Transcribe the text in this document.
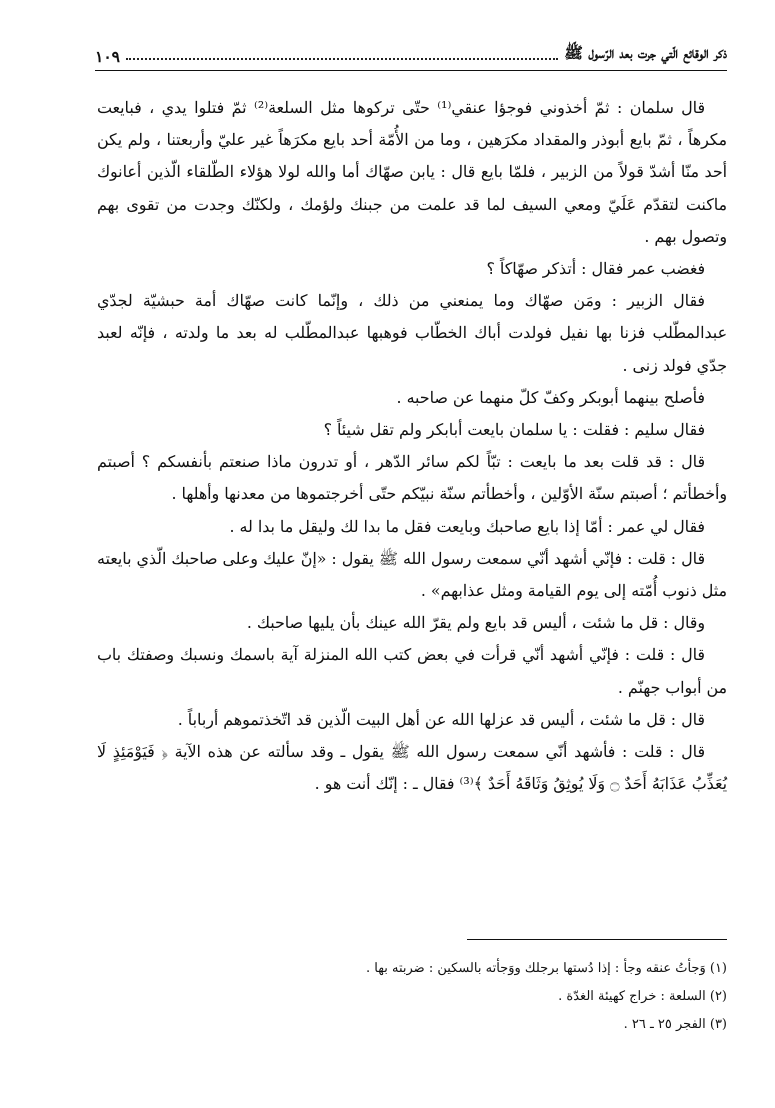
ذكر الوقائع الّتي جرت بعد الرّسول ﷺ
١٠٩

قال سلمان : ثمّ أخذوني فوجؤا عنقي⁽¹⁾ حتّى تركوها مثل السلعة⁽²⁾ ثمّ فتلوا يدي ، فبايعت مكرهاً ، ثمّ بايع أبوذر والمقداد مكرَهين ، وما من الأُمّة أحد بايع مكرَهاً غير عليّ وأربعتنا ، ولم يكن أحد منّا أشدّ قولاً من الزبير ، فلمّا بايع قال : يابن صهّاك أما والله لولا هؤلاء الطّلقاء الّذين أعانوك ماكنت لتقدّم عَلَيّ ومعي السيف لما قد علمت من جبنك ولؤمك ، ولكنّك وجدت من تقوى بهم وتصول بهم .

فغضب عمر فقال : أتذكر صهّاكاً ؟

فقال الزبير : ومَن صهّاك وما يمنعني من ذلك ، وإنّما كانت صهّاك أمة حبشيّة لجدّي عبدالمطّلب فزنا بها نفيل فولدت أباك الخطّاب فوهبها عبدالمطّلب له بعد ما ولدته ، فإنّه لعبد جدّي فولد زنى .

فأصلح بينهما أبوبكر وكفّ كلّ منهما عن صاحبه .

فقال سليم : فقلت : يا سلمان بايعت أبابكر ولم تقل شيئاً ؟

قال : قد قلت بعد ما بايعت : تبّاً لكم سائر الدّهر ، أو تدرون ماذا صنعتم بأنفسكم ؟ أصبتم وأخطأتم ؛ أصبتم سنّة الأوّلين ، وأخطأتم سنّة نبيّكم حتّى أخرجتموها من معدنها وأهلها .

فقال لي عمر : أمّا إذا بايع صاحبك وبايعت فقل ما بدا لك وليقل ما بدا له .

قال : قلت : فإنّي أشهد أنّي سمعت رسول الله ﷺ يقول : «إنّ عليك وعلى صاحبك الّذي بايعته مثل ذنوب أُمّته إلى يوم القيامة ومثل عذابهم» .

وقال : قل ما شئت ، أليس قد بايع ولم يقرّ الله عينك بأن يليها صاحبك .

قال : قلت : فإنّي أشهد أنّي قرأت في بعض كتب الله المنزلة آية باسمك ونسبك وصفتك باب من أبواب جهنّم .

قال : قل ما شئت ، أليس قد عزلها الله عن أهل البيت الّذين قد اتّخذتموهم أرباباً .

قال : قلت : فأشهد أنّي سمعت رسول الله ﷺ يقول ـ وقد سألته عن هذه الآية ﴿ فَيَوْمَئِذٍ لَا يُعَذِّبُ عَذَابَهُ أَحَدٌ ۝ وَلَا يُوثِقُ وَثَاقَهُ أَحَدٌ ﴾⁽³⁾ فقال ـ : إنّك أنت هو .

(١) وَجأتُ عنقه وجأ : إذا دُستها برجلك ووَجأته بالسكين : ضربته بها .

(٢) السلعة : خراج كهيئة الغدّة .

(٣) الفجر ٢٥ ـ ٢٦ .
